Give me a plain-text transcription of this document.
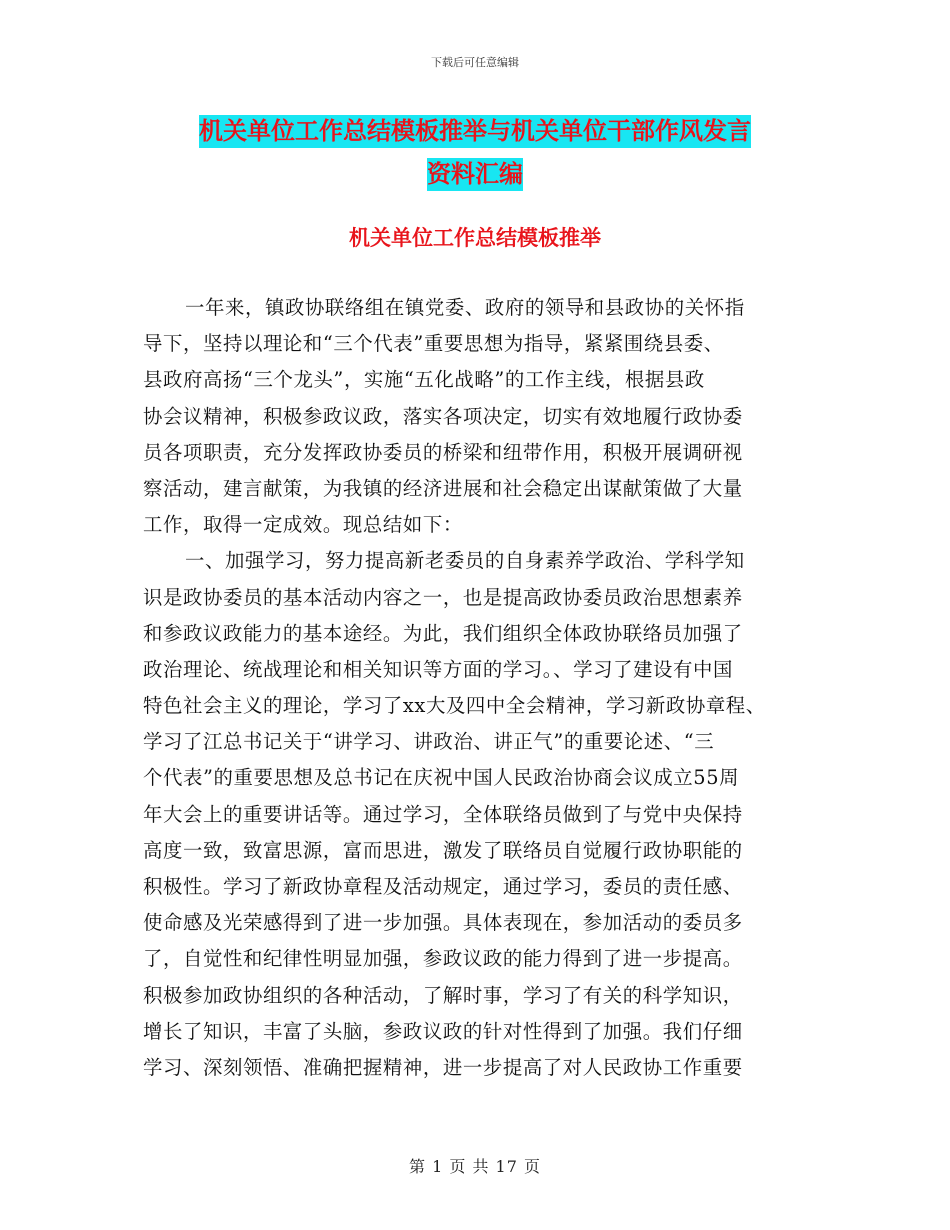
下载后可任意编辑
机关单位工作总结模板推举与机关单位干部作风发言
资料汇编
机关单位工作总结模板推举
一年来，镇政协联络组在镇党委、政府的领导和县政协的关怀指
导下，坚持以理论和“三个代表”重要思想为指导，紧紧围绕县委、
县政府高扬“三个龙头”，实施“五化战略”的工作主线，根据县政
协会议精神，积极参政议政，落实各项决定，切实有效地履行政协委
员各项职责，充分发挥政协委员的桥梁和纽带作用，积极开展调研视
察活动，建言献策，为我镇的经济进展和社会稳定出谋献策做了大量
工作，取得一定成效。现总结如下：
一、加强学习，努力提高新老委员的自身素养学政治、学科学知
识是政协委员的基本活动内容之一，也是提高政协委员政治思想素养
和参政议政能力的基本途经。为此，我们组织全体政协联络员加强了
政治理论、统战理论和相关知识等方面的学习。、学习了建设有中国
特色社会主义的理论，学习了xx大及四中全会精神，学习新政协章程、
学习了江总书记关于“讲学习、讲政治、讲正气”的重要论述、“三
个代表”的重要思想及总书记在庆祝中国人民政治协商会议成立55周
年大会上的重要讲话等。通过学习，全体联络员做到了与党中央保持
高度一致，致富思源，富而思进，激发了联络员自觉履行政协职能的
积极性。学习了新政协章程及活动规定，通过学习，委员的责任感、
使命感及光荣感得到了进一步加强。具体表现在，参加活动的委员多
了，自觉性和纪律性明显加强，参政议政的能力得到了进一步提高。
积极参加政协组织的各种活动，了解时事，学习了有关的科学知识，
增长了知识，丰富了头脑，参政议政的针对性得到了加强。我们仔细
学习、深刻领悟、准确把握精神，进一步提高了对人民政协工作重要
第 1 页 共 17 页
